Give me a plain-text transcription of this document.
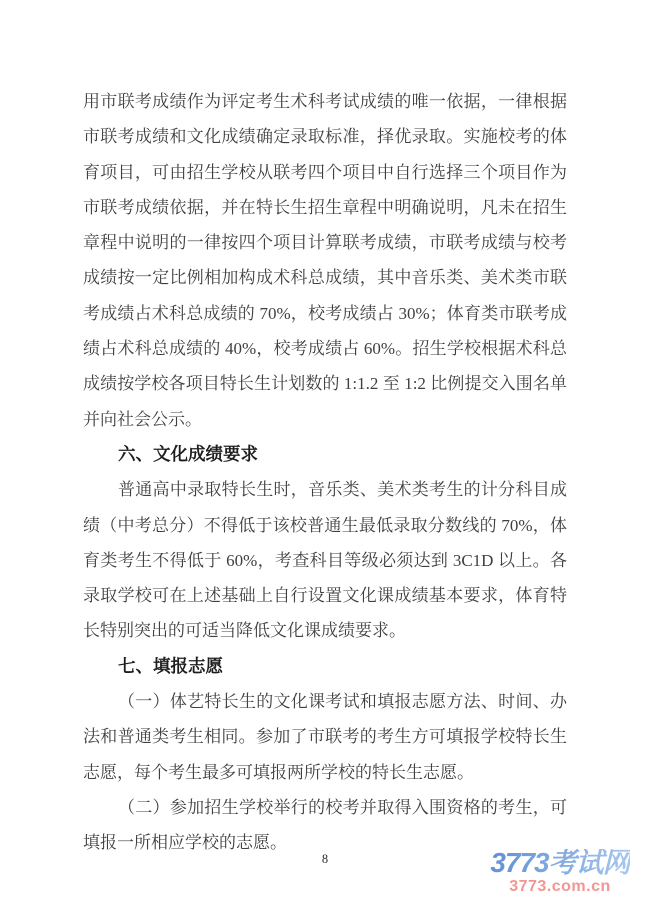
用市联考成绩作为评定考生术科考试成绩的唯一依据，一律根据
市联考成绩和文化成绩确定录取标准，择优录取。实施校考的体
育项目，可由招生学校从联考四个项目中自行选择三个项目作为
市联考成绩依据，并在特长生招生章程中明确说明，凡未在招生
章程中说明的一律按四个项目计算联考成绩，市联考成绩与校考
成绩按一定比例相加构成术科总成绩，其中音乐类、美术类市联
考成绩占术科总成绩的 70%，校考成绩占 30%；体育类市联考成
绩占术科总成绩的 40%，校考成绩占 60%。招生学校根据术科总
成绩按学校各项目特长生计划数的 1:1.2 至 1:2 比例提交入围名单
并向社会公示。
六、文化成绩要求
普通高中录取特长生时，音乐类、美术类考生的计分科目成
绩（中考总分）不得低于该校普通生最低录取分数线的 70%，体
育类考生不得低于 60%，考查科目等级必须达到 3C1D 以上。各
录取学校可在上述基础上自行设置文化课成绩基本要求，体育特
长特别突出的可适当降低文化课成绩要求。
七、填报志愿
（一）体艺特长生的文化课考试和填报志愿方法、时间、办
法和普通类考生相同。参加了市联考的考生方可填报学校特长生
志愿，每个考生最多可填报两所学校的特长生志愿。
（二）参加招生学校举行的校考并取得入围资格的考生，可
填报一所相应学校的志愿。
8	3773考试网
3773.com.cn
